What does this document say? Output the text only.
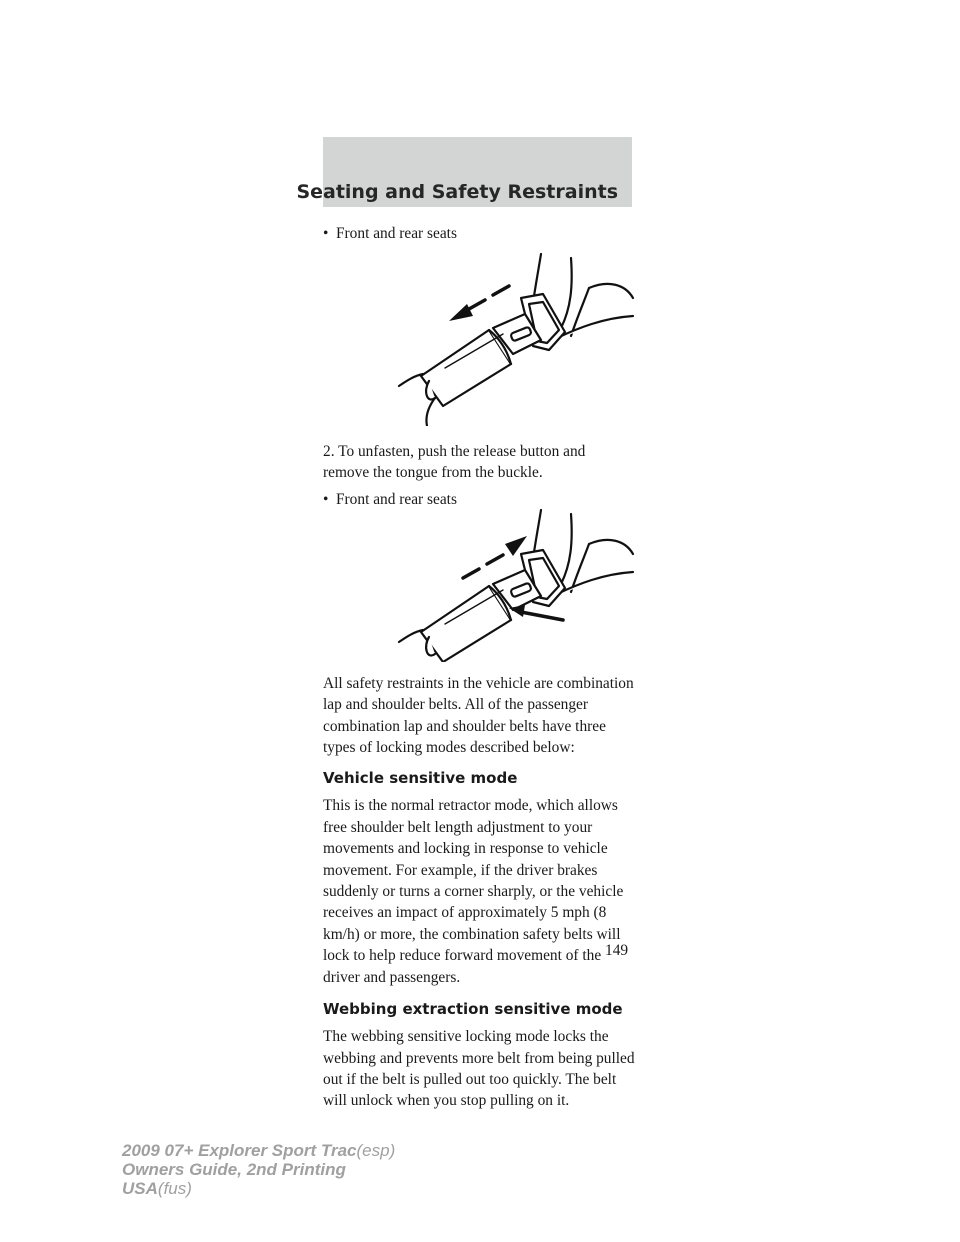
Seating and Safety Restraints
• Front and rear seats

2. To unfasten, push the release button and remove the tongue from the buckle.

• Front and rear seats

All safety restraints in the vehicle are combination lap and shoulder belts. All of the passenger combination lap and shoulder belts have three types of locking modes described below:

Vehicle sensitive mode

This is the normal retractor mode, which allows free shoulder belt length adjustment to your movements and locking in response to vehicle movement. For example, if the driver brakes suddenly or turns a corner sharply, or the vehicle receives an impact of approximately 5 mph (8 km/h) or more, the combination safety belts will lock to help reduce forward movement of the driver and passengers.

Webbing extraction sensitive mode

The webbing sensitive locking mode locks the webbing and prevents more belt from being pulled out if the belt is pulled out too quickly. The belt will unlock when you stop pulling on it.

149
2009 07+ Explorer Sport Trac(esp)
Owners Guide, 2nd Printing
USA(fus)
